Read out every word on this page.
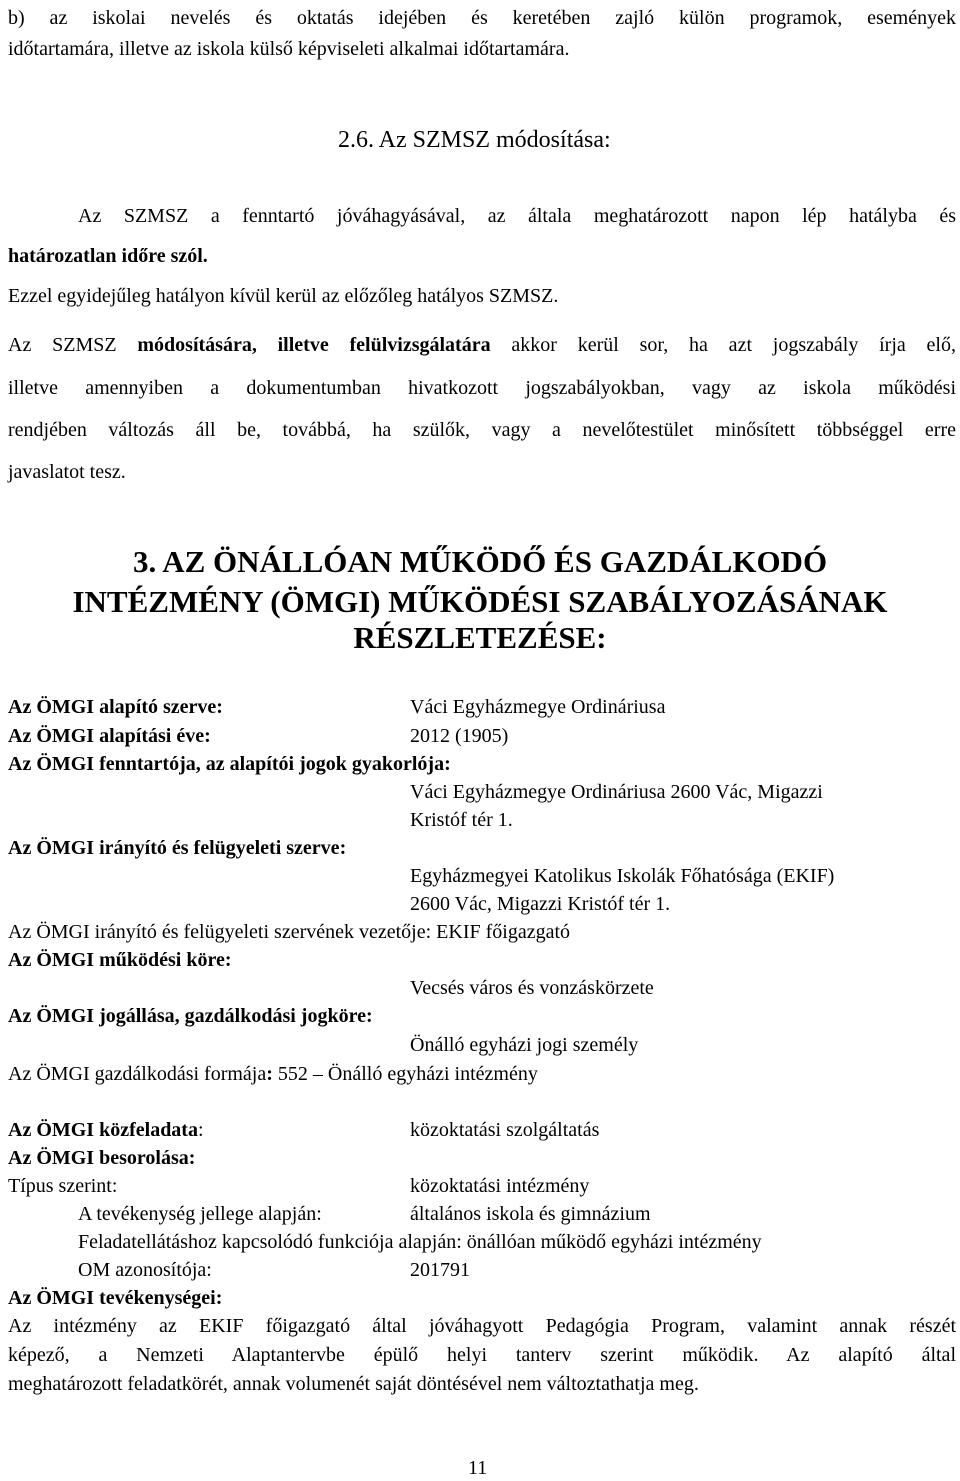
b) az iskolai nevelés és oktatás idejében és keretében zajló külön programok, események
időtartamára, illetve az iskola külső képviseleti alkalmai időtartamára.
2.6. Az SZMSZ módosítása:
Az SZMSZ a fenntartó jóváhagyásával, az általa meghatározott napon lép hatályba és
határozatlan időre szól.
Ezzel egyidejűleg hatályon kívül kerül az előzőleg hatályos SZMSZ.
Az SZMSZ módosítására, illetve felülvizsgálatára akkor kerül sor, ha azt jogszabály írja elő,
illetve amennyiben a dokumentumban hivatkozott jogszabályokban, vagy az iskola működési
rendjében változás áll be, továbbá, ha szülők, vagy a nevelőtestület minősített többséggel erre
javaslatot tesz.
3. AZ ÖNÁLLÓAN MŰKÖDŐ ÉS GAZDÁLKODÓ
INTÉZMÉNY (ÖMGI) MŰKÖDÉSI SZABÁLYOZÁSÁNAK
RÉSZLETEZÉSE:
Az ÖMGI alapító szerve:	Váci Egyházmegye Ordináriusa
Az ÖMGI alapítási éve:	2012 (1905)
Az ÖMGI fenntartója, az alapítói jogok gyakorlója:
Váci Egyházmegye Ordináriusa 2600 Vác, Migazzi
Kristóf tér 1.
Az ÖMGI irányító és felügyeleti szerve:
Egyházmegyei Katolikus Iskolák Főhatósága (EKIF)
2600 Vác, Migazzi Kristóf tér 1.
Az ÖMGI irányító és felügyeleti szervének vezetője: EKIF főigazgató
Az ÖMGI működési köre:
Vecsés város és vonzáskörzete
Az ÖMGI jogállása, gazdálkodási jogköre:
Önálló egyházi jogi személy
Az ÖMGI gazdálkodási formája: 552 – Önálló egyházi intézmény
Az ÖMGI közfeladata:	közoktatási szolgáltatás
Az ÖMGI besorolása:
Típus szerint:	közoktatási intézmény
A tevékenység jellege alapján:	általános iskola és gimnázium
Feladatellátáshoz kapcsolódó funkciója alapján: önállóan működő egyházi intézmény
OM azonosítója:	201791
Az ÖMGI tevékenységei:
Az intézmény az EKIF főigazgató által jóváhagyott Pedagógia Program, valamint annak részét
képező, a Nemzeti Alaptantervbe épülő helyi tanterv szerint működik. Az alapító által
meghatározott feladatkörét, annak volumenét saját döntésével nem változtathatja meg.
11
